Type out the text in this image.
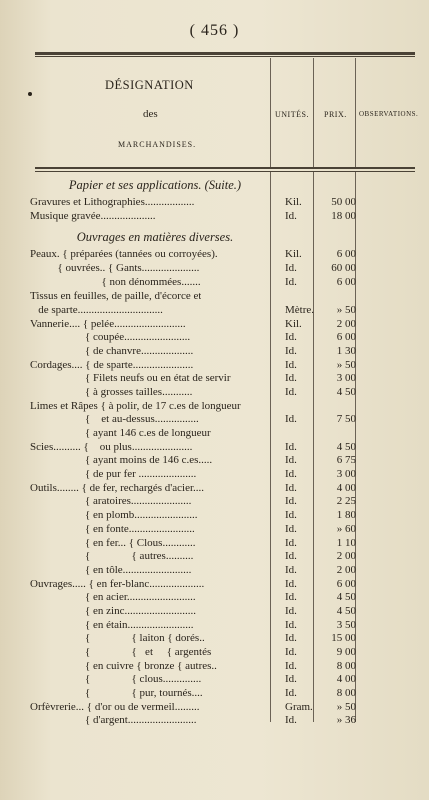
( 456 )
DÉSIGNATION
des
MARCHANDISES.
UNITÉS. PRIX. OBSERVATIONS.
Papier et ses applications. (Suite.)
Ouvrages en matières diverses.
Gravures et Lithographies..................	Kil.	50 00
Musique gravée....................	Id.	18 00
Peaux. { préparées (tannées ou corroyées).	Kil.	6 00
{ ouvrées.. { Gants.....................	Id.	60 00
{ non dénommées.......	Id.	6 00
Tissus en feuilles, de paille, d'écorce et
de sparte...............................	Mètre.	» 50
Vannerie.... { pelée..........................	Kil.	2 00
{ coupée........................	Id.	6 00
{ de chanvre...................	Id.	1 30
Cordages.... { de sparte......................	Id.	» 50
{ Filets neufs ou en état de servir	Id.	3 00
{ à grosses tailles...........	Id.	4 50
Limes et Râpes { à polir, de 17 c.es de longueur
{    et au-dessus................	Id.	7 50
{ ayant 146 c.es de longueur
Scies.......... {    ou plus......................	Id.	4 50
{ ayant moins de 146 c.es.....	Id.	6 75
{ de pur fer .....................	Id.	3 00
Outils........ { de fer, rechargés d'acier....	Id.	4 00
{ aratoires......................	Id.	2 25
{ en plomb.......................	Id.	1 80
{ en fonte........................	Id.	» 60
{ en fer... { Clous............	Id.	1 10
{               { autres..........	Id.	2 00
{ en tôle.........................	Id.	2 00
Ouvrages..... { en fer-blanc....................	Id.	6 00
{ en acier.........................	Id.	4 50
{ en zinc..........................	Id.	4 50
{ en étain........................	Id.	3 50
{               { laiton { dorés..	Id.	15 00
{               {   et     { argentés	Id.	9 00
{ en cuivre { bronze { autres..	Id.	8 00
{               { clous..............	Id.	4 00
{               { pur, tournés....	Id.	8 00
Orfèvrerie... { d'or ou de vermeil.........	Gram.	» 50
{ d'argent.........................	Id.	» 36
